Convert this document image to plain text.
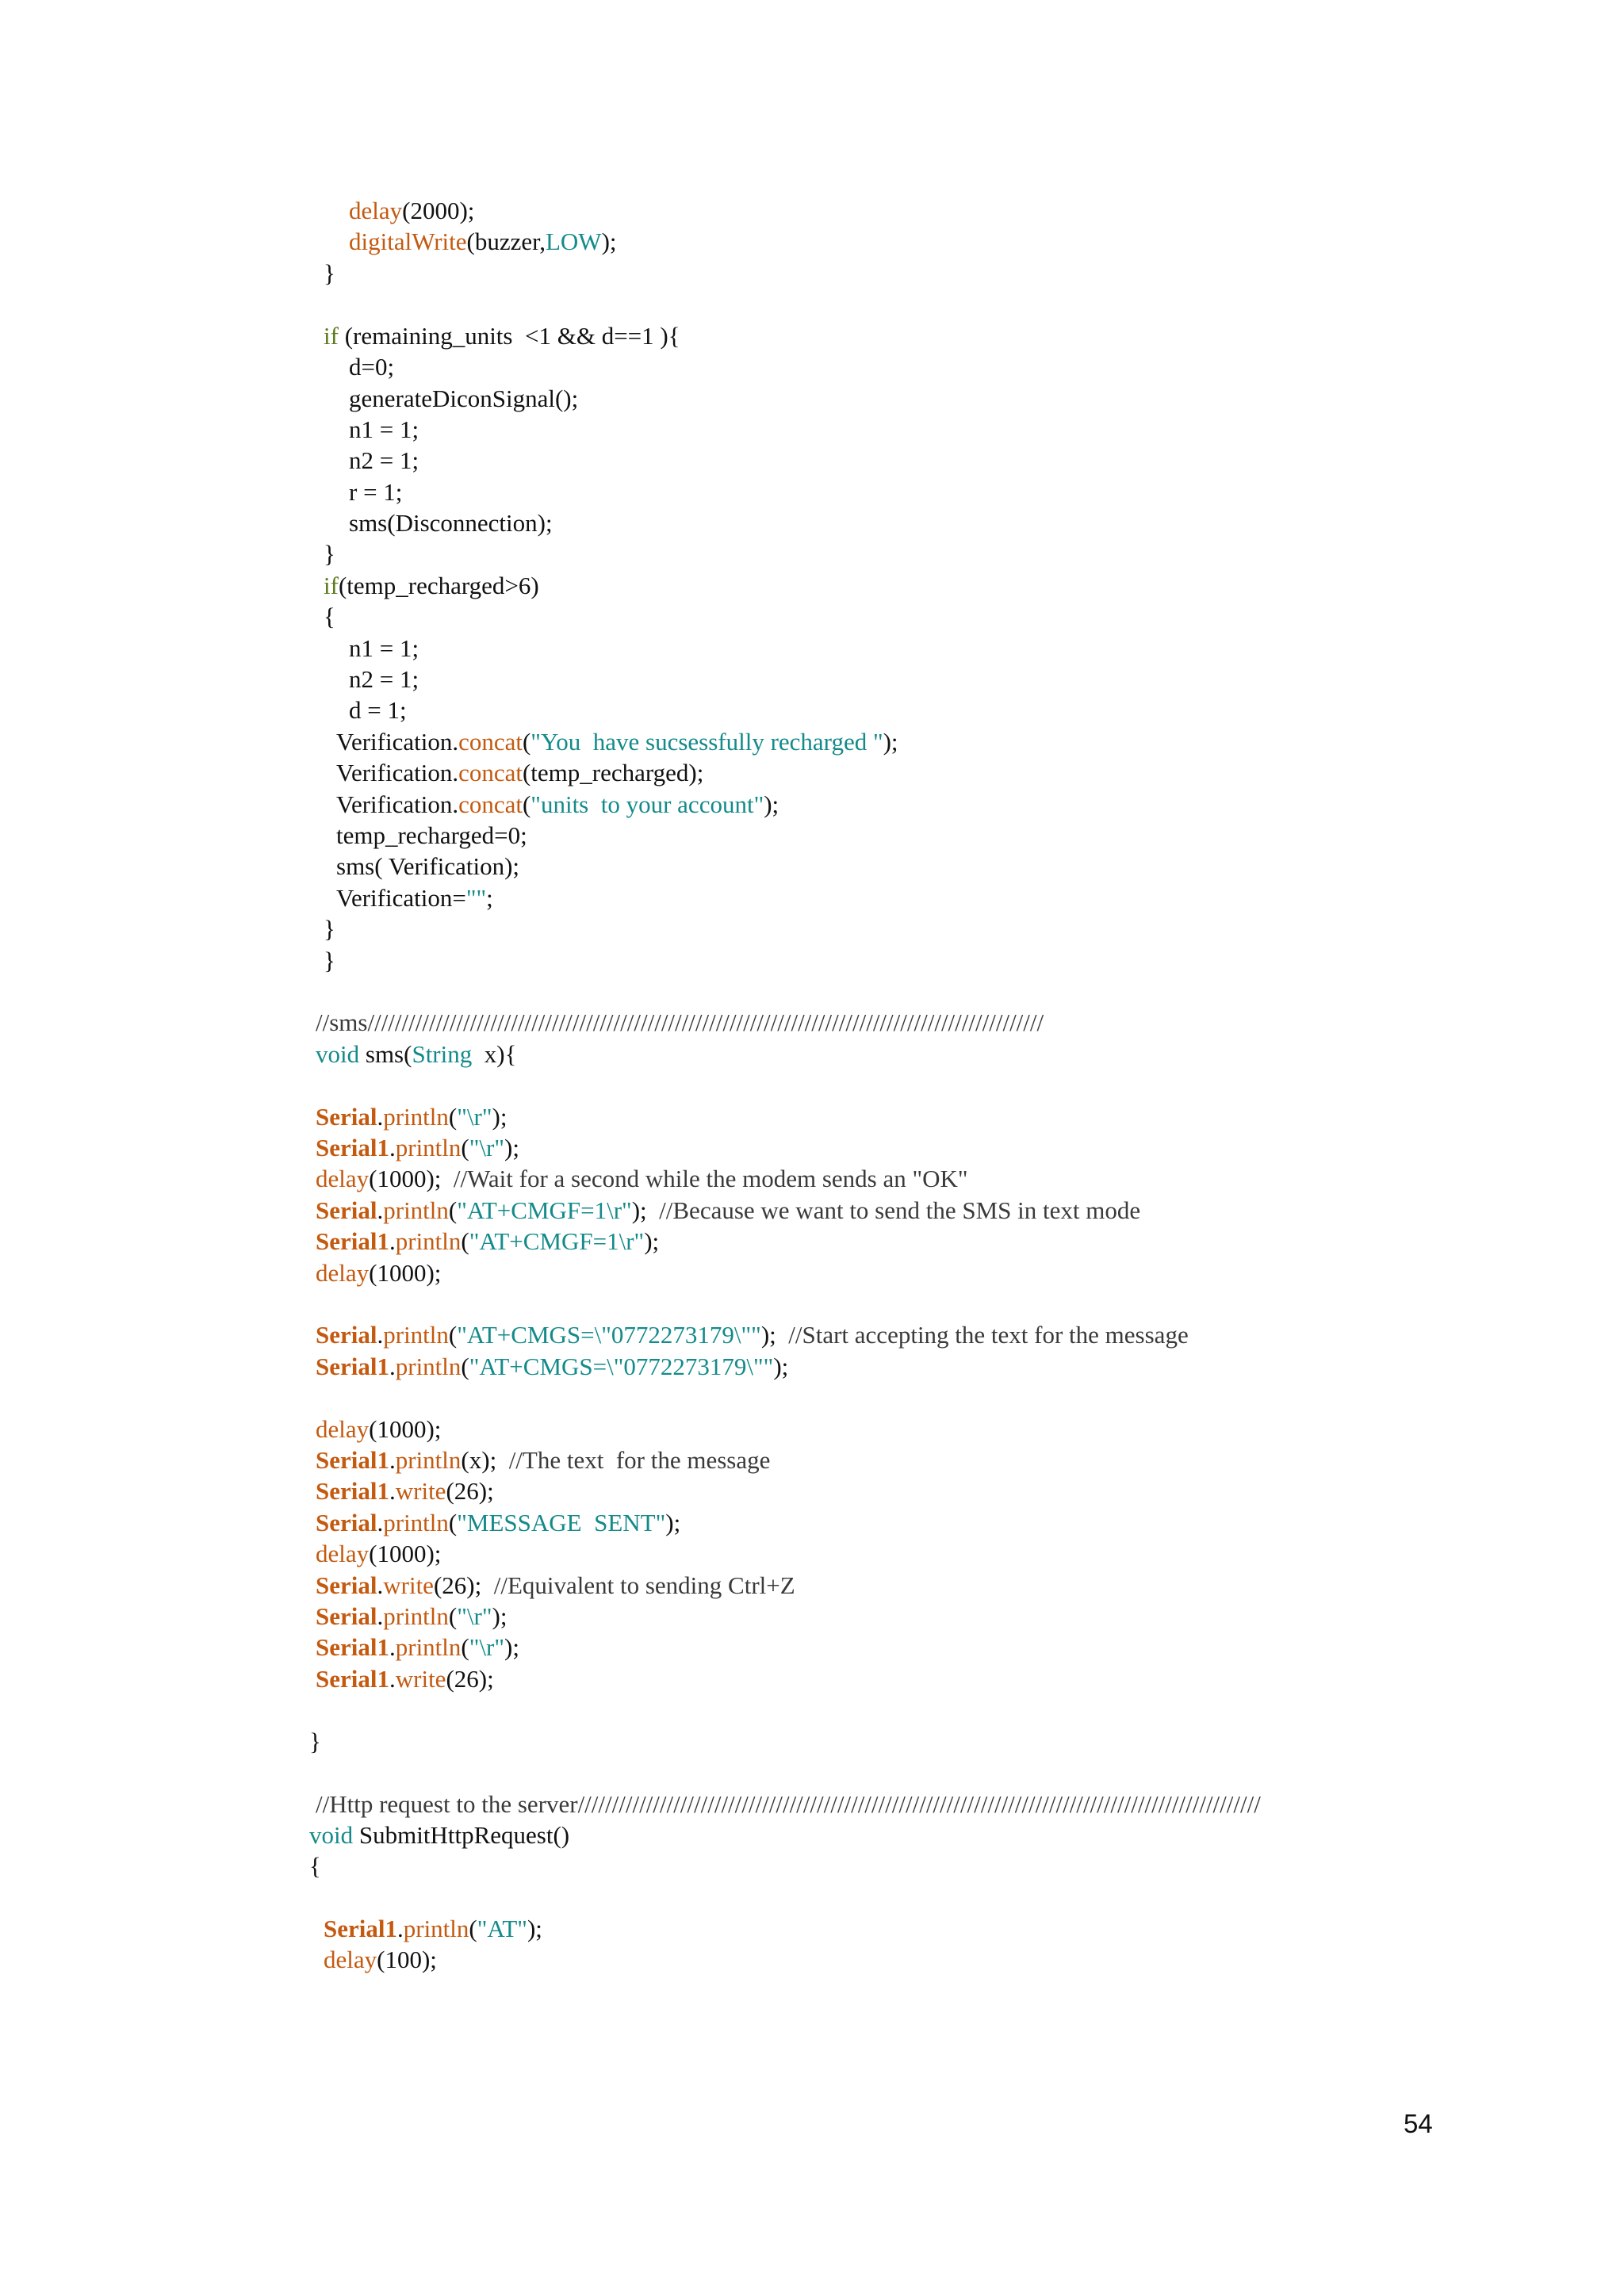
delay(2000);
digitalWrite(buzzer,LOW);
}
if (remaining_units  <1 && d==1 ){
d=0;
generateDiconSignal();
n1 = 1;
n2 = 1;
r = 1;
sms(Disconnection);
}
if(temp_recharged>6)
{
n1 = 1;
n2 = 1;
d = 1;
Verification.concat("You  have sucsessfully recharged ");
Verification.concat(temp_recharged);
Verification.concat("units  to your account");
temp_recharged=0;
sms( Verification);
Verification="";
}
}
//sms///////////////////////////////////////////////////////////////////////////////////////////////////
void sms(String  x){
Serial.println("\r");
Serial1.println("\r");
delay(1000);  //Wait for a second while the modem sends an "OK"
Serial.println("AT+CMGF=1\r");  //Because we want to send the SMS in text mode
Serial1.println("AT+CMGF=1\r");
delay(1000);
Serial.println("AT+CMGS=\"0772273179\"");  //Start accepting the text for the message
Serial1.println("AT+CMGS=\"0772273179\"");
delay(1000);
Serial1.println(x);  //The text  for the message
Serial1.write(26);
Serial.println("MESSAGE  SENT");
delay(1000);
Serial.write(26);  //Equivalent to sending Ctrl+Z
Serial.println("\r");
Serial1.println("\r");
Serial1.write(26);
}
//Http request to the server////////////////////////////////////////////////////////////////////////////////////////////////////
void SubmitHttpRequest()
{
Serial1.println("AT");
delay(100);
54
